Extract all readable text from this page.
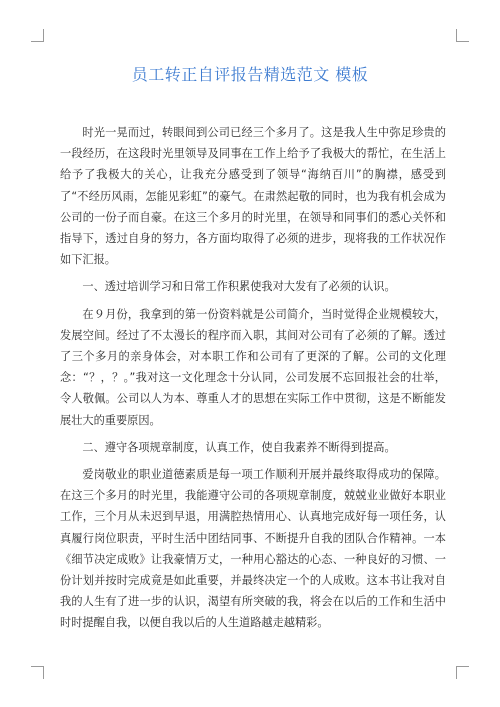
员工转正自评报告精选范文 模板

时光一晃而过，转眼间到公司已经三个多月了。这是我人生中弥足珍贵的一段经历，在这段时光里领导及同事在工作上给予了我极大的帮忙，在生活上给予了我极大的关心，让我充分感受到了领导“海纳百川”的胸襟，感受到了“不经历风雨，怎能见彩虹”的豪气。在肃然起敬的同时，也为我有机会成为公司的一份子而自豪。在这三个多月的时光里，在领导和同事们的悉心关怀和指导下，透过自身的努力，各方面均取得了必须的进步，现将我的工作状况作如下汇报。

一、透过培训学习和日常工作积累使我对大发有了必须的认识。

在９月份，我拿到的第一份资料就是公司简介，当时觉得企业规模较大，发展空间。经过了不太漫长的程序而入职，其间对公司有了必须的了解。透过了三个多月的亲身体会，对本职工作和公司有了更深的了解。公司的文化理念：“？，？。”我对这一文化理念十分认同，公司发展不忘回报社会的壮举，令人敬佩。公司以人为本、尊重人才的思想在实际工作中贯彻，这是不断能发展壮大的重要原因。

二、遵守各项规章制度，认真工作，使自我素养不断得到提高。

爱岗敬业的职业道德素质是每一项工作顺利开展并最终取得成功的保障。在这三个多月的时光里，我能遵守公司的各项规章制度，兢兢业业做好本职业工作，三个月从未迟到早退，用满腔热情用心、认真地完成好每一项任务，认真履行岗位职责，平时生活中团结同事、不断提升自我的团队合作精神。一本《细节决定成败》让我豪情万丈，一种用心豁达的心态、一种良好的习惯、一份计划并按时完成竟是如此重要，并最终决定一个的人成败。这本书让我对自我的人生有了进一步的认识，渴望有所突破的我，将会在以后的工作和生活中时时提醒自我，以便自我以后的人生道路越走越精彩。
